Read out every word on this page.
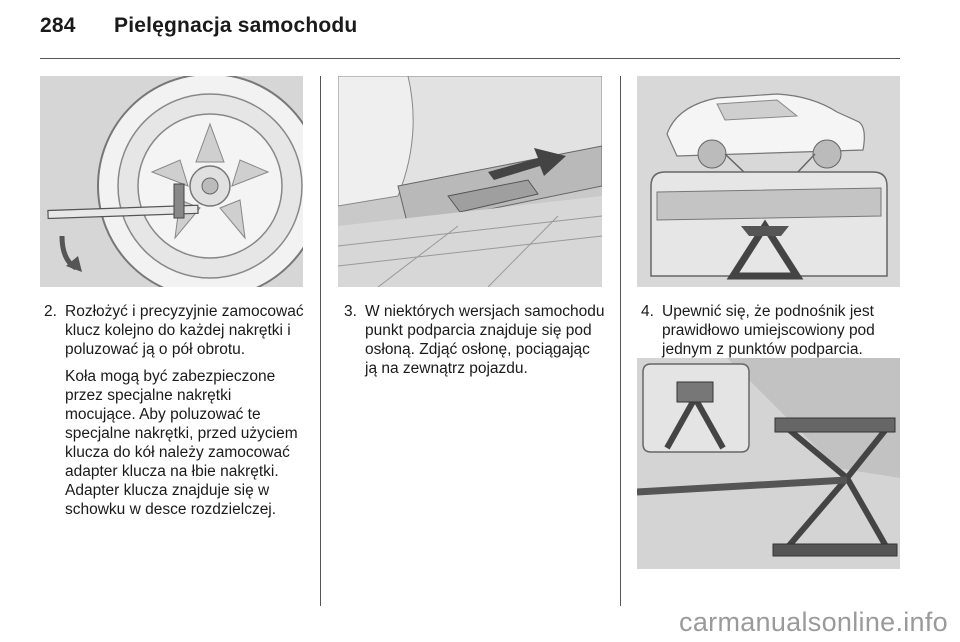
284 Pielęgnacja samochodu
2. Rozłożyć i precyzyjnie zamocować klucz kolejno do każdej nakrętki i poluzować ją o pół obrotu.

Koła mogą być zabezpieczone przez specjalne nakrętki mocujące. Aby poluzować te specjalne nakrętki, przed użyciem klucza do kół należy zamocować adapter klucza na łbie nakrętki. Adapter klucza znajduje się w schowku w desce rozdzielczej.

3. W niektórych wersjach samochodu punkt podparcia znajduje się pod osłoną. Zdjąć osłonę, pociągając ją na zewnątrz pojazdu.

4. Upewnić się, że podnośnik jest prawidłowo umiejscowiony pod jednym z punktów podparcia.

carmanualsonline.info
